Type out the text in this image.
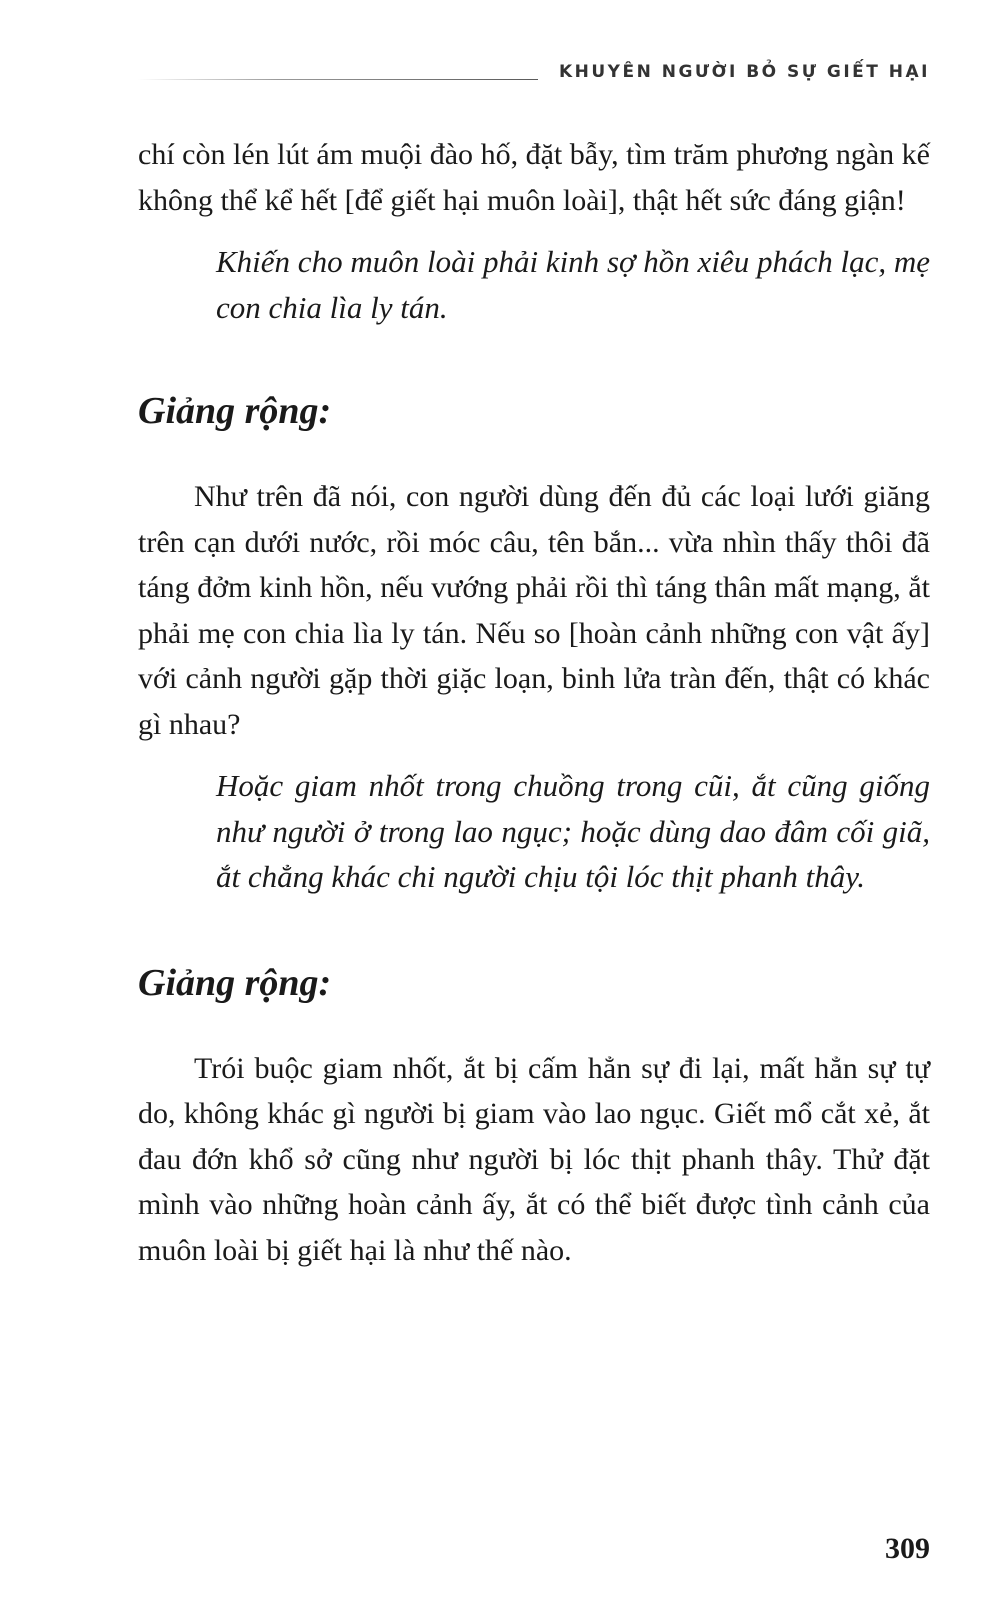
KHUYÊN NGƯỜI BỎ SỰ GIẾT HẠI

chí còn lén lút ám muội đào hố, đặt bẫy, tìm trăm phương ngàn kế không thể kể hết [để giết hại muôn loài], thật hết sức đáng giận!

Khiến cho muôn loài phải kinh sợ hồn xiêu phách lạc, mẹ con chia lìa ly tán.

Giảng rộng:

Như trên đã nói, con người dùng đến đủ các loại lưới giăng trên cạn dưới nước, rồi móc câu, tên bắn... vừa nhìn thấy thôi đã táng đởm kinh hồn, nếu vướng phải rồi thì táng thân mất mạng, ắt phải mẹ con chia lìa ly tán. Nếu so [hoàn cảnh những con vật ấy] với cảnh người gặp thời giặc loạn, binh lửa tràn đến, thật có khác gì nhau?

Hoặc giam nhốt trong chuồng trong cũi, ắt cũng giống như người ở trong lao ngục; hoặc dùng dao đâm cối giã, ắt chẳng khác chi người chịu tội lóc thịt phanh thây.

Giảng rộng:

Trói buộc giam nhốt, ắt bị cấm hẳn sự đi lại, mất hẳn sự tự do, không khác gì người bị giam vào lao ngục. Giết mổ cắt xẻ, ắt đau đớn khổ sở cũng như người bị lóc thịt phanh thây. Thử đặt mình vào những hoàn cảnh ấy, ắt có thể biết được tình cảnh của muôn loài bị giết hại là như thế nào.

309
